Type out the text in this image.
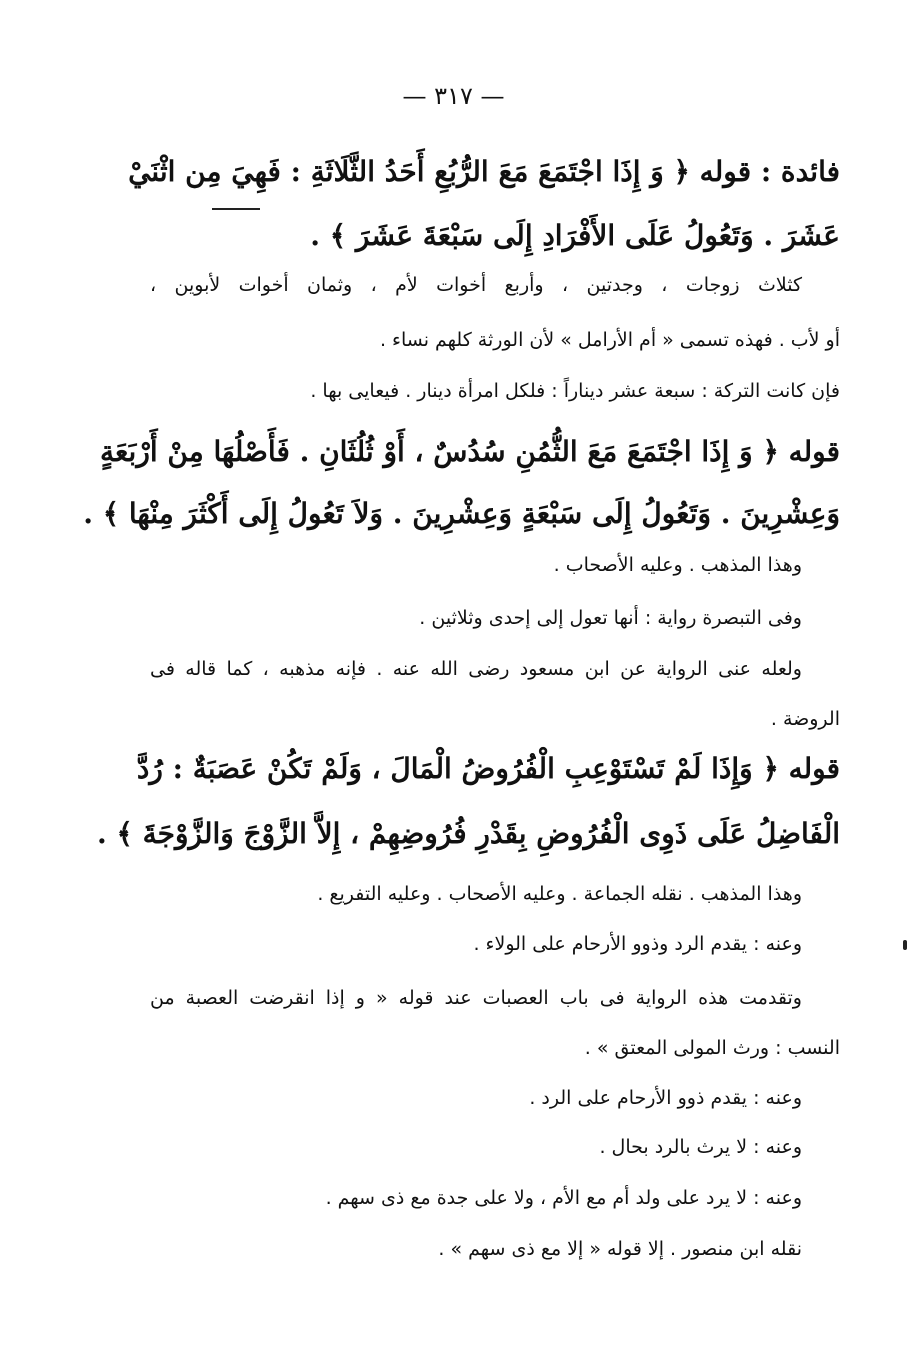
— ٣١٧ —
فائدة : قوله ﴿ وَ إِذَا اجْتَمَعَ مَعَ الرُّبُعِ أَحَدُ الثَّلَاثَةِ : فَهِيَ مِن اثْنَيْ
عَشَرَ . وَتَعُولُ عَلَى الأَفْرَادِ إِلَى سَبْعَةَ عَشَرَ ﴾ .
كثلاث زوجات ، وجدتين ، وأربع أخوات لأم ، وثمان أخوات لأبوين ،
أو لأب . فهذه تسمى « أم الأرامل » لأن الورثة كلهم نساء .
فإن كانت التركة : سبعة عشر ديناراً : فلكل امرأة دينار . فيعايى بها .
قوله ﴿ وَ إِذَا اجْتَمَعَ مَعَ الثُّمُنِ سُدُسٌ ، أَوْ ثُلُثَانِ . فَأَصْلُهَا مِنْ أَرْبَعَةٍ
وَعِشْرِينَ . وَتَعُولُ إِلَى سَبْعَةٍ وَعِشْرِينَ . وَلاَ تَعُولُ إِلَى أَكْثَرَ مِنْهَا ﴾ .
وهذا المذهب . وعليه الأصحاب .
وفى التبصرة رواية : أنها تعول إلى إحدى وثلاثين .
ولعله عنى الرواية عن ابن مسعود رضى الله عنه . فإنه مذهبه ، كما قاله فى
الروضة .
قوله ﴿ وَإِذَا لَمْ تَسْتَوْعِبِ الْفُرُوضُ الْمَالَ ، وَلَمْ تَكُنْ عَصَبَةٌ : رُدَّ
الْفَاضِلُ عَلَى ذَوِى الْفُرُوضِ بِقَدْرِ فُرُوضِهِمْ ، إِلاَّ الزَّوْجَ وَالزَّوْجَةَ ﴾ .
وهذا المذهب . نقله الجماعة . وعليه الأصحاب . وعليه التفريع .
وعنه : يقدم الرد وذوو الأرحام على الولاء .
وتقدمت هذه الرواية فى باب العصبات عند قوله « و إذا انقرضت العصبة من
النسب : ورث المولى المعتق » .
وعنه : يقدم ذوو الأرحام على الرد .
وعنه : لا يرث بالرد بحال .
وعنه : لا يرد على ولد أم مع الأم ، ولا على جدة مع ذى سهم .
نقله ابن منصور . إلا قوله « إلا مع ذى سهم » .
